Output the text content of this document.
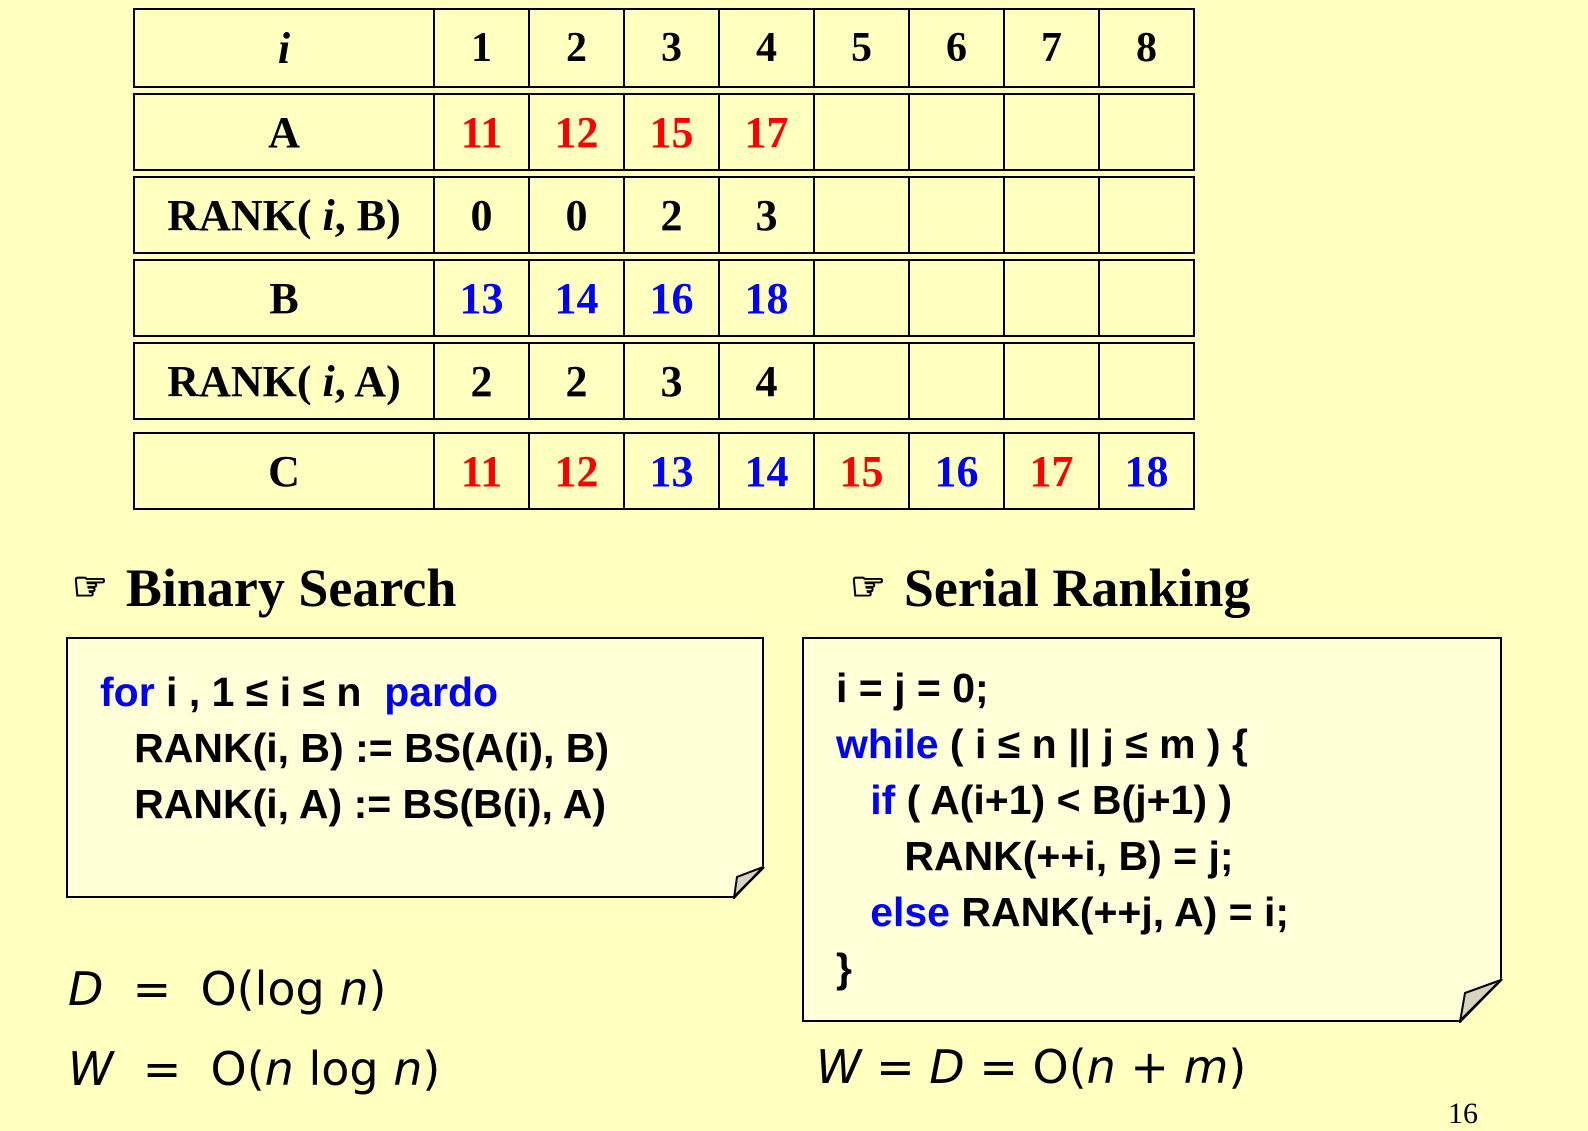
i	1	2	3	4	5	6	7	8
A	11	12	15	17				
RANK( i, B)	0	0	2	3				
B	13	14	16	18				
RANK( i, A)	2	2	3	4				
C	11	12	13	14	15	16	17	18
☞ Binary Search	☞ Serial Ranking
for i , 1 ≤ i ≤ n  pardo
RANK(i, B) := BS(A(i), B)
RANK(i, A) := BS(B(i), A)
i = j = 0;
while ( i ≤ n || j ≤ m ) {
if ( A(i+1) < B(j+1) )
RANK(++i, B) = j;
else RANK(++j, A) = i;
}
D  =  O(log n)
W  =  O(n log n)	W = D = O(n + m)
16
